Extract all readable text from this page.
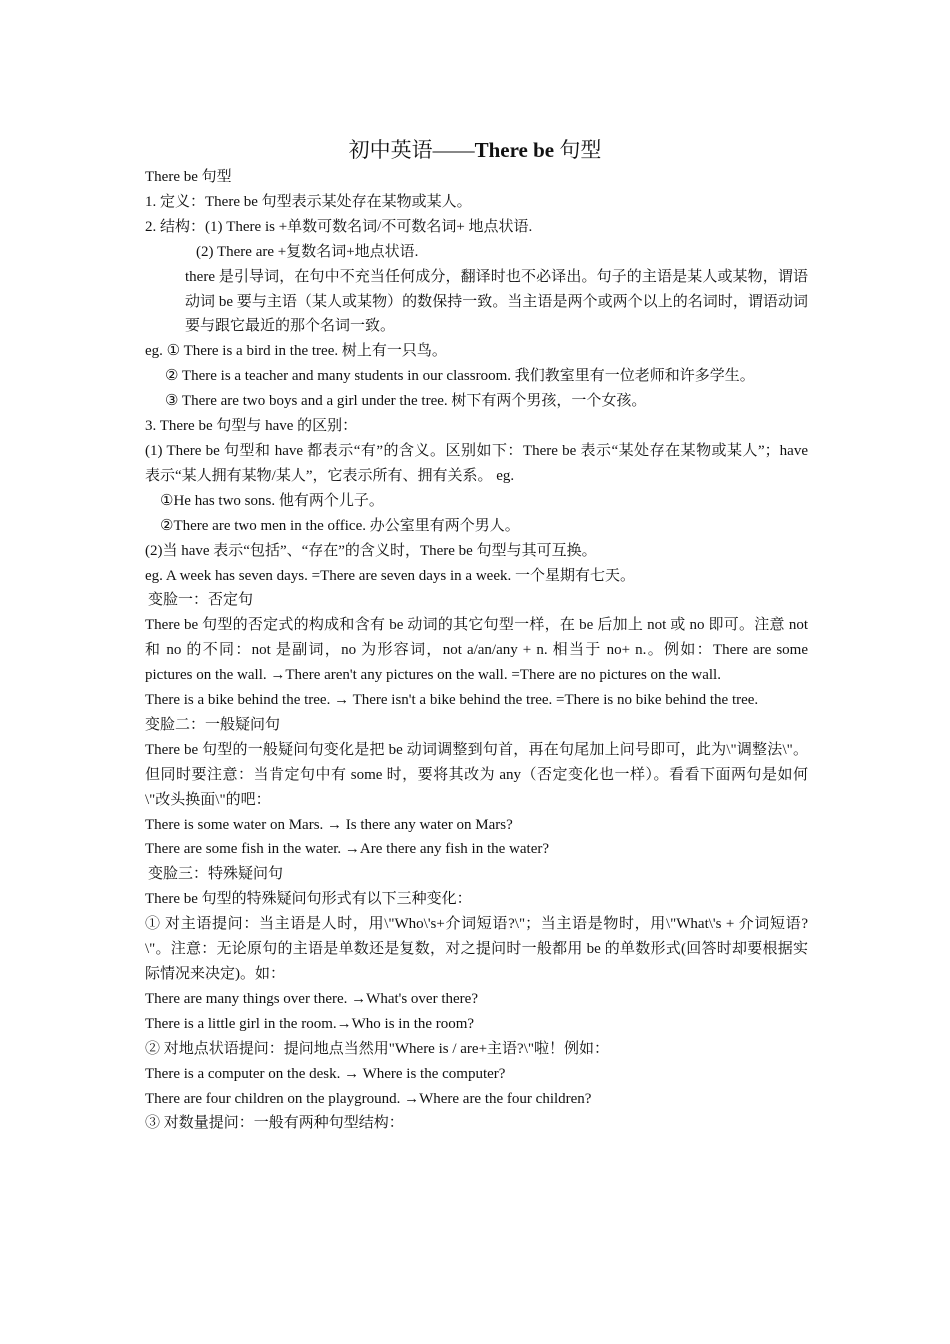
初中英语——There be 句型

There be 句型

1. 定义：There be 句型表示某处存在某物或某人。

2. 结构：(1) There is +单数可数名词/不可数名词+ 地点状语.

(2) There are +复数名词+地点状语.

there 是引导词，在句中不充当任何成分，翻译时也不必译出。句子的主语是某人或某物，谓语动词 be 要与主语（某人或某物）的数保持一致。当主语是两个或两个以上的名词时，谓语动词要与跟它最近的那个名词一致。

eg. ① There is a bird in the tree. 树上有一只鸟。

② There is a teacher and many students in our classroom. 我们教室里有一位老师和许多学生。

③ There are two boys and a girl under the tree. 树下有两个男孩，一个女孩。

3. There be 句型与 have 的区别：

(1) There be 句型和 have 都表示“有”的含义。区别如下：There be 表示“某处存在某物或某人”；have 表示“某人拥有某物/某人”，它表示所有、拥有关系。 eg.

①He has two sons. 他有两个儿子。

②There are two men in the office. 办公室里有两个男人。

(2)当 have 表示“包括”、“存在”的含义时，There be 句型与其可互换。

eg. A week has seven days. =There are seven days in a week. 一个星期有七天。

变脸一：否定句

There be 句型的否定式的构成和含有 be 动词的其它句型一样，在 be 后加上 not 或 no 即可。注意 not 和 no 的不同：not 是副词，no 为形容词，not a/an/any + n. 相当于 no+ n.。例如：There are some pictures on the wall. →There aren't any pictures on the wall. =There are no pictures on the wall.

There is a bike behind the tree. → There isn't a bike behind the tree. =There is no bike behind the tree.

变脸二：一般疑问句

There be 句型的一般疑问句变化是把 be 动词调整到句首，再在句尾加上问号即可，此为\"调整法\"。但同时要注意：当肯定句中有 some 时，要将其改为 any（否定变化也一样）。看看下面两句是如何\"改头换面\"的吧：

There is some water on Mars. → Is there any water on Mars?

There are some fish in the water. →Are there any fish in the water?

变脸三：特殊疑问句

There be 句型的特殊疑问句形式有以下三种变化：

① 对主语提问：当主语是人时，用\"Who\'s+介词短语?\"；当主语是物时，用\"What\'s + 介词短语?\"。注意：无论原句的主语是单数还是复数，对之提问时一般都用 be 的单数形式(回答时却要根据实际情况来决定)。如：

There are many things over there. →What's over there?

There is a little girl in the room.→Who is in the room?

② 对地点状语提问：提问地点当然用"Where is / are+主语?\"啦！例如：

There is a computer on the desk. → Where is the computer?

There are four children on the playground. →Where are the four children?

③ 对数量提问：一般有两种句型结构：
